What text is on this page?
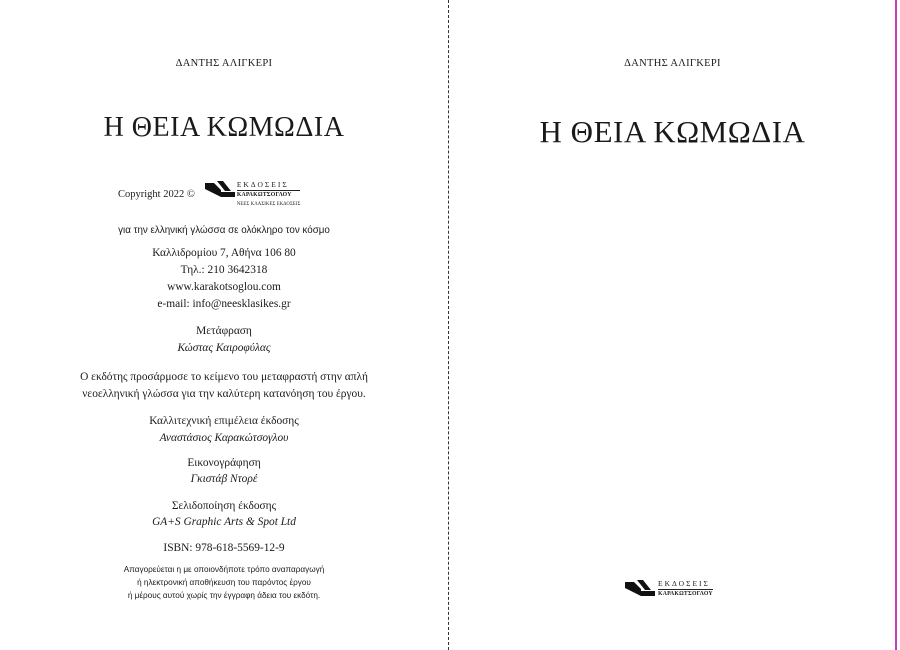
ΔΑΝΤΗΣ ΑΛΙΓΚΕΡΙ
Η ΘΕΙΑ ΚΩΜΩΔΙΑ
Copyright 2022 ©
ΕΚΔΟΣΕΙΣ
ΚΑΡΑΚΩΤΣΟΓΛΟΥ
ΝΕΕΣ ΚΛΑΣΙΚΕΣ ΕΚΔΟΣΕΙΣ
για την ελληνική γλώσσα σε ολόκληρο τον κόσμο
Καλλιδρομίου 7, Αθήνα 106 80
Τηλ.: 210 3642318
www.karakotsoglou.com
e-mail: info@neesklasikes.gr
Μετάφραση
Κώστας Καιροφύλας
Ο εκδότης προσάρμοσε το κείμενο του μεταφραστή στην απλή
νεοελληνική γλώσσα για την καλύτερη κατανόηση του έργου.
Καλλιτεχνική επιμέλεια έκδοσης
Αναστάσιος Καρακώτσογλου
Εικονογράφηση
Γκιστάβ Ντορέ
Σελιδοποίηση έκδοσης
GA+S Graphic Arts & Spot Ltd
ISBN: 978-618-5569-12-9
Απαγορεύεται η με οποιονδήποτε τρόπο αναπαραγωγή
ή ηλεκτρονική αποθήκευση του παρόντος έργου
ή μέρους αυτού χωρίς την έγγραφη άδεια του εκδότη.
ΔΑΝΤΗΣ ΑΛΙΓΚΕΡΙ
Η ΘΕΙΑ ΚΩΜΩΔΙΑ
ΕΚΔΟΣΕΙΣ
ΚΑΡΑΚΩΤΣΟΓΛΟΥ
